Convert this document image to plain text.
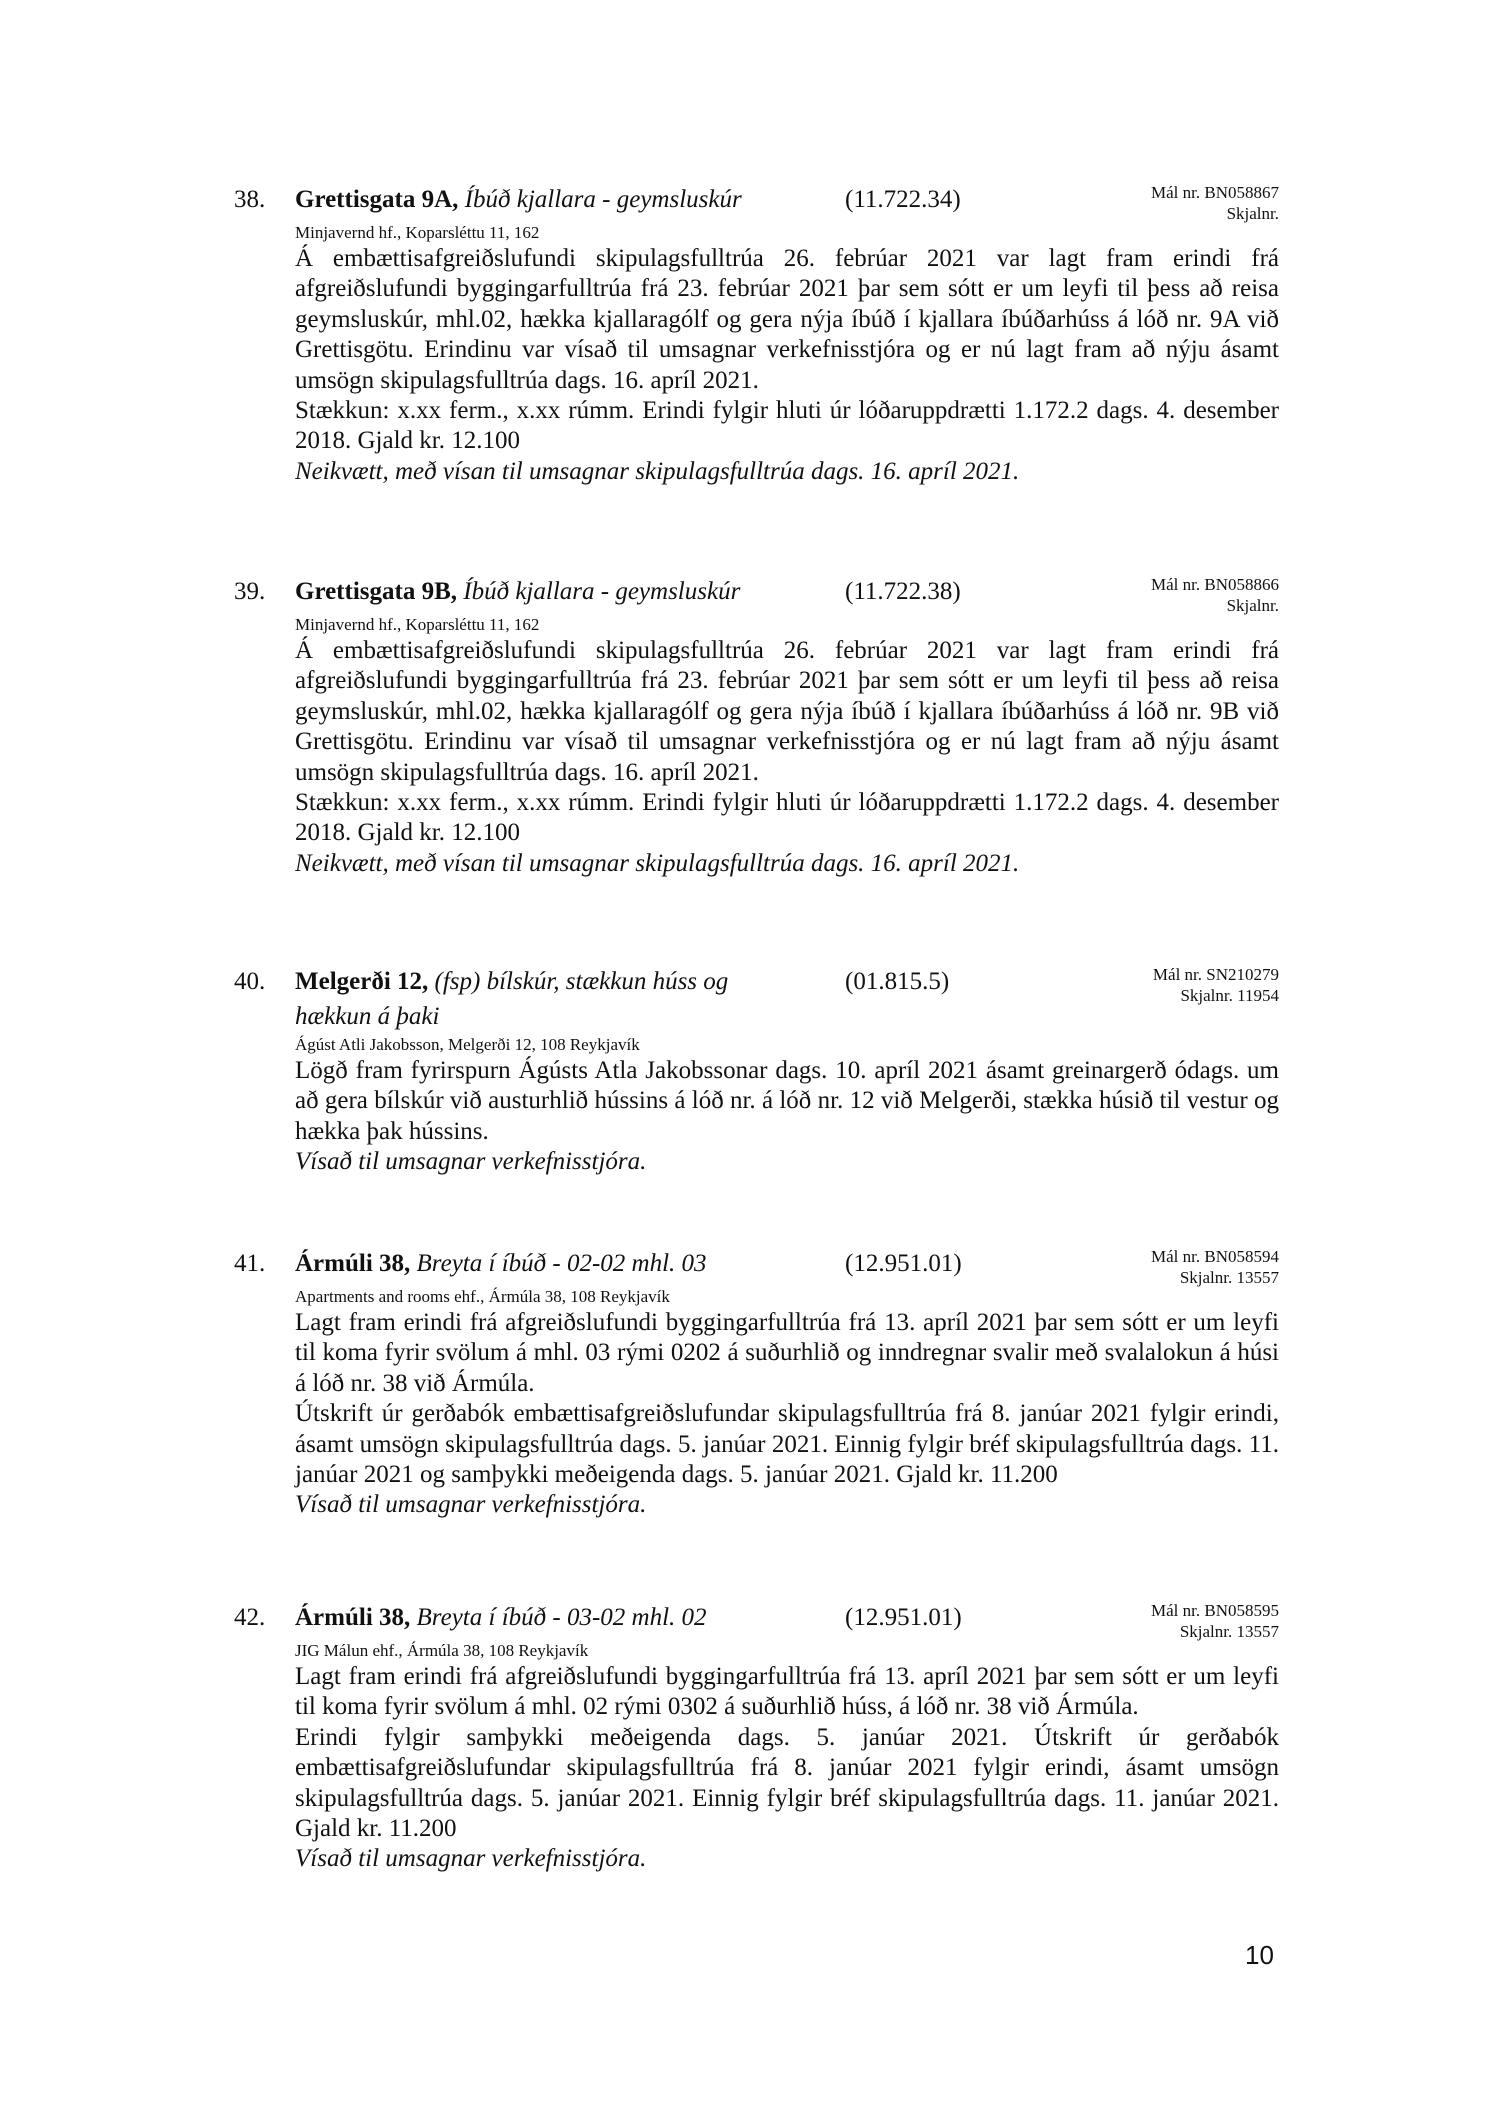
38. Grettisgata 9A, Íbúð kjallara - geymsluskúr	(11.722.34)	Mál nr. BN058867
Skjalnr.
Minjavernd hf., Koparsléttu 11, 162

Á embættisafgreiðslufundi skipulagsfulltrúa 26. febrúar 2021 var lagt fram erindi frá afgreiðslufundi byggingarfulltrúa frá 23. febrúar 2021 þar sem sótt er um leyfi til þess að reisa geymsluskúr, mhl.02, hækka kjallaragólf og gera nýja íbúð í kjallara íbúðarhúss á lóð nr. 9A við Grettisgötu. Erindinu var vísað til umsagnar verkefnisstjóra og er nú lagt fram að nýju ásamt umsögn skipulagsfulltrúa dags. 16. apríl 2021.

Stækkun: x.xx ferm., x.xx rúmm. Erindi fylgir hluti úr lóðaruppdrætti 1.172.2 dags. 4. desember 2018. Gjald kr. 12.100

Neikvætt, með vísan til umsagnar skipulagsfulltrúa dags. 16. apríl 2021.
39. Grettisgata 9B, Íbúð kjallara - geymsluskúr	(11.722.38)	Mál nr. BN058866
Skjalnr.
Minjavernd hf., Koparsléttu 11, 162

Á embættisafgreiðslufundi skipulagsfulltrúa 26. febrúar 2021 var lagt fram erindi frá afgreiðslufundi byggingarfulltrúa frá 23. febrúar 2021 þar sem sótt er um leyfi til þess að reisa geymsluskúr, mhl.02, hækka kjallaragólf og gera nýja íbúð í kjallara íbúðarhúss á lóð nr. 9B við Grettisgötu. Erindinu var vísað til umsagnar verkefnisstjóra og er nú lagt fram að nýju ásamt umsögn skipulagsfulltrúa dags. 16. apríl 2021.

Stækkun: x.xx ferm., x.xx rúmm. Erindi fylgir hluti úr lóðaruppdrætti 1.172.2 dags. 4. desember 2018. Gjald kr. 12.100

Neikvætt, með vísan til umsagnar skipulagsfulltrúa dags. 16. apríl 2021.
40. Melgerði 12, (fsp) bílskúr, stækkun húss og hækkun á þaki
(01.815.5)	Mál nr. SN210279
Skjalnr. 11954
Ágúst Atli Jakobsson, Melgerði 12, 108 Reykjavík

Lögð fram fyrirspurn Ágústs Atla Jakobssonar dags. 10. apríl 2021 ásamt greinargerð ódags. um að gera bílskúr við austurhlið hússins á lóð nr. á lóð nr. 12 við Melgerði, stækka húsið til vestur og hækka þak hússins.

Vísað til umsagnar verkefnisstjóra.
41. Ármúli 38, Breyta í íbúð - 02-02 mhl. 03	(12.951.01)	Mál nr. BN058594
Skjalnr. 13557
Apartments and rooms ehf., Ármúla 38, 108 Reykjavík

Lagt fram erindi frá afgreiðslufundi byggingarfulltrúa frá 13. apríl 2021 þar sem sótt er um leyfi til koma fyrir svölum á mhl. 03 rými 0202 á suðurhlið og inndregnar svalir með svalalokun á húsi á lóð nr. 38 við Ármúla.

Útskrift úr gerðabók embættisafgreiðslufundar skipulagsfulltrúa frá 8. janúar 2021 fylgir erindi, ásamt umsögn skipulagsfulltrúa dags. 5. janúar 2021. Einnig fylgir bréf skipulagsfulltrúa dags. 11. janúar 2021 og samþykki meðeigenda dags. 5. janúar 2021. Gjald kr. 11.200

Vísað til umsagnar verkefnisstjóra.
42. Ármúli 38, Breyta í íbúð - 03-02 mhl. 02	(12.951.01)	Mál nr. BN058595
Skjalnr. 13557
JIG Málun ehf., Ármúla 38, 108 Reykjavík

Lagt fram erindi frá afgreiðslufundi byggingarfulltrúa frá 13. apríl 2021 þar sem sótt er um leyfi til koma fyrir svölum á mhl. 02 rými 0302 á suðurhlið húss, á lóð nr. 38 við Ármúla.

Erindi fylgir samþykki meðeigenda dags. 5. janúar 2021. Útskrift úr gerðabók embættisafgreiðslufundar skipulagsfulltrúa frá 8. janúar 2021 fylgir erindi, ásamt umsögn skipulagsfulltrúa dags. 5. janúar 2021. Einnig fylgir bréf skipulagsfulltrúa dags. 11. janúar 2021. Gjald kr. 11.200

Vísað til umsagnar verkefnisstjóra.
10
